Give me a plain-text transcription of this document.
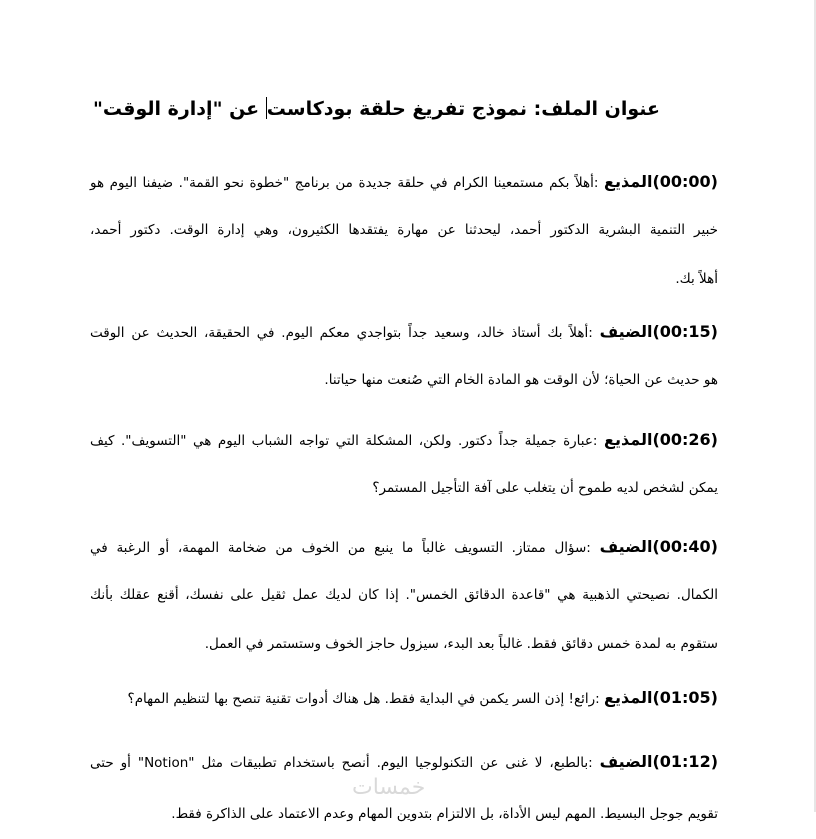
عنوان الملف: نموذج تفريغ حلقة بودكاست عن "إدارة الوقت"
(00:00)المذيع :أهلاً بكم مستمعينا الكرام في حلقة جديدة من برنامج "خطوة نحو القمة". ضيفنا اليوم هو
خبير التنمية البشرية الدكتور أحمد، ليحدثنا عن مهارة يفتقدها الكثيرون، وهي إدارة الوقت. دكتور أحمد،
أهلاً بك.
(00:15)الضيف :أهلاً بك أستاذ خالد، وسعيد جداً بتواجدي معكم اليوم. في الحقيقة، الحديث عن الوقت
هو حديث عن الحياة؛ لأن الوقت هو المادة الخام التي صُنعت منها حياتنا.
(00:26)المذيع :عبارة جميلة جداً دكتور. ولكن، المشكلة التي تواجه الشباب اليوم هي "التسويف". كيف
يمكن لشخص لديه طموح أن يتغلب على آفة التأجيل المستمر؟
(00:40)الضيف :سؤال ممتاز. التسويف غالباً ما ينبع من الخوف من ضخامة المهمة، أو الرغبة في
الكمال. نصيحتي الذهبية هي "قاعدة الدقائق الخمس". إذا كان لديك عمل ثقيل على نفسك، أقنع عقلك بأنك
ستقوم به لمدة خمس دقائق فقط. غالباً بعد البدء، سيزول حاجز الخوف وستستمر في العمل.
(01:05)المذيع :رائع! إذن السر يكمن في البداية فقط. هل هناك أدوات تقنية تنصح بها لتنظيم المهام؟
(01:12)الضيف :بالطبع، لا غنى عن التكنولوجيا اليوم. أنصح باستخدام تطبيقات مثل "Notion" أو حتى
تقويم جوجل البسيط. المهم ليس الأداة، بل الالتزام بتدوين المهام وعدم الاعتماد على الذاكرة فقط.
خمسات
